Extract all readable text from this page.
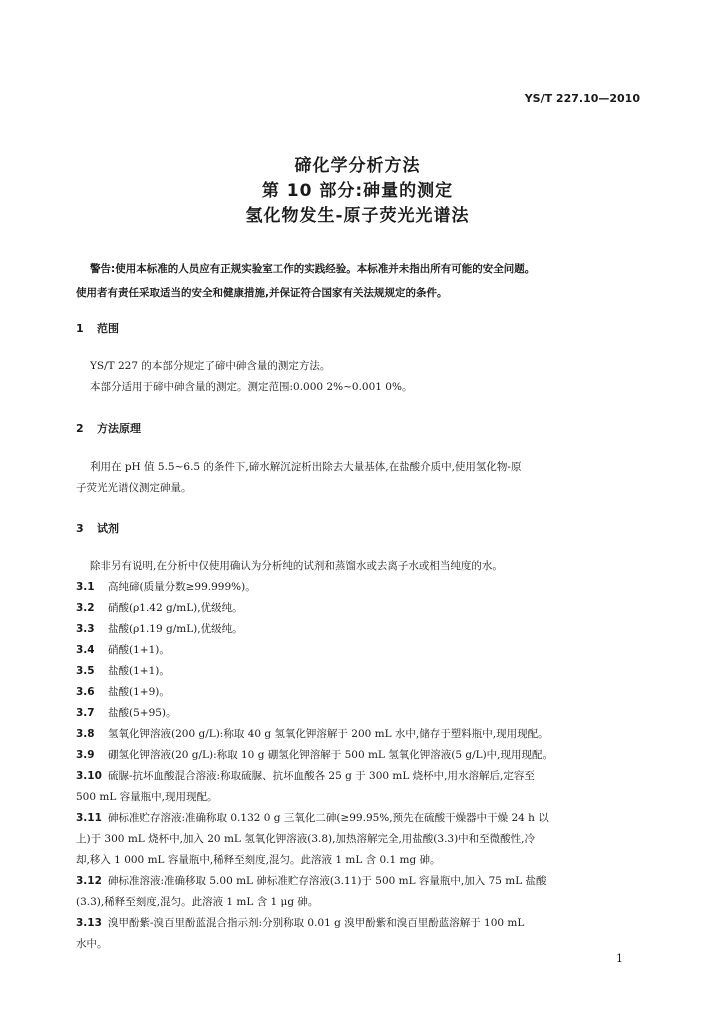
YS/T 227.10—2010
碲化学分析方法
第 10 部分:砷量的测定
氢化物发生-原子荧光光谱法
警告:使用本标准的人员应有正规实验室工作的实践经验。本标准并未指出所有可能的安全问题。
使用者有责任采取适当的安全和健康措施,并保证符合国家有关法规规定的条件。
1 范围
YS/T 227 的本部分规定了碲中砷含量的测定方法。
本部分适用于碲中砷含量的测定。测定范围:0.000 2%~0.001 0%。
2 方法原理
利用在 pH 值 5.5~6.5 的条件下,碲水解沉淀析出除去大量基体,在盐酸介质中,使用氢化物-原
子荧光光谱仪测定砷量。
3 试剂
除非另有说明,在分析中仅使用确认为分析纯的试剂和蒸馏水或去离子水或相当纯度的水。
3.1 高纯碲(质量分数≥99.999%)。
3.2 硝酸(ρ1.42 g/mL),优级纯。
3.3 盐酸(ρ1.19 g/mL),优级纯。
3.4 硝酸(1+1)。
3.5 盐酸(1+1)。
3.6 盐酸(1+9)。
3.7 盐酸(5+95)。
3.8 氢氧化钾溶液(200 g/L):称取 40 g 氢氧化钾溶解于 200 mL 水中,储存于塑料瓶中,现用现配。
3.9 硼氢化钾溶液(20 g/L):称取 10 g 硼氢化钾溶解于 500 mL 氢氧化钾溶液(5 g/L)中,现用现配。
3.10 硫脲-抗坏血酸混合溶液:称取硫脲、抗坏血酸各 25 g 于 300 mL 烧杯中,用水溶解后,定容至
500 mL 容量瓶中,现用现配。
3.11 砷标准贮存溶液:准确称取 0.132 0 g 三氧化二砷(≥99.95%,预先在硫酸干燥器中干燥 24 h 以
上)于 300 mL 烧杯中,加入 20 mL 氢氧化钾溶液(3.8),加热溶解完全,用盐酸(3.3)中和至微酸性,冷
却,移入 1 000 mL 容量瓶中,稀释至刻度,混匀。此溶液 1 mL 含 0.1 mg 砷。
3.12 砷标准溶液:准确移取 5.00 mL 砷标准贮存溶液(3.11)于 500 mL 容量瓶中,加入 75 mL 盐酸
(3.3),稀释至刻度,混匀。此溶液 1 mL 含 1 μg 砷。
3.13 溴甲酚紫-溴百里酚蓝混合指示剂:分别称取 0.01 g 溴甲酚紫和溴百里酚蓝溶解于 100 mL
水中。
1
